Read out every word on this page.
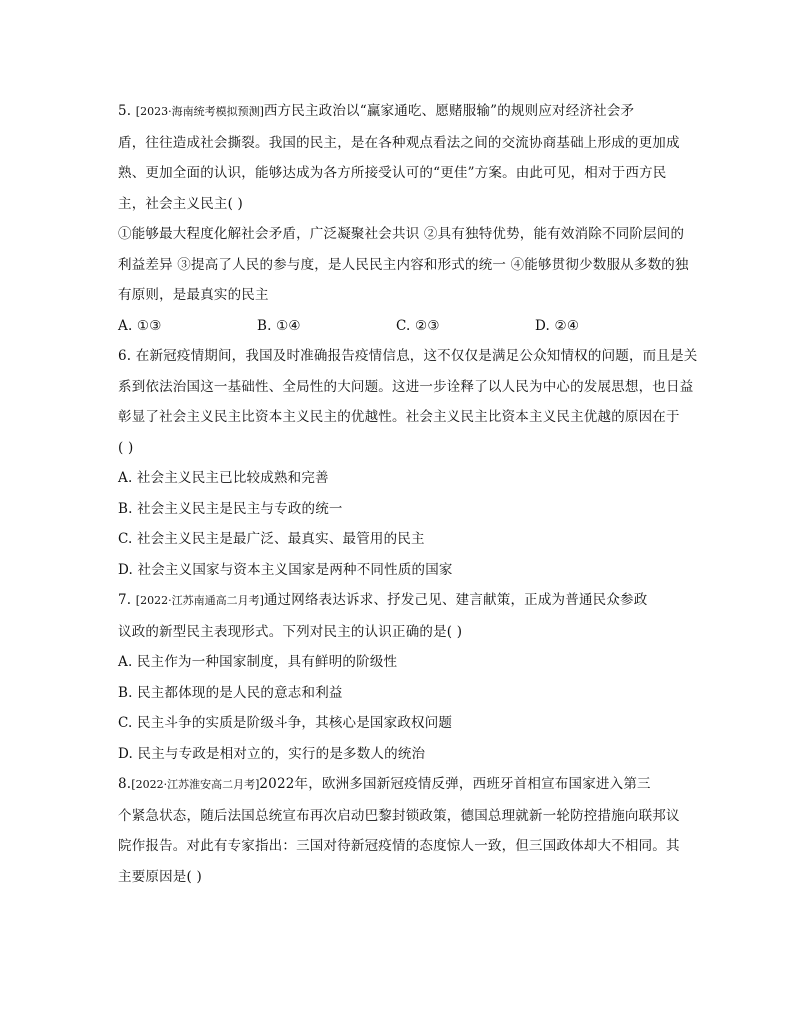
5. [2023·海南统考模拟预测]西方民主政治以“赢家通吃、愿赌服输”的规则应对经济社会矛
盾，往往造成社会撕裂。我国的民主，是在各种观点看法之间的交流协商基础上形成的更加成
熟、更加全面的认识，能够达成为各方所接受认可的“更佳”方案。由此可见，相对于西方民
主，社会主义民主( )
①能够最大程度化解社会矛盾，广泛凝聚社会共识 ②具有独特优势，能有效消除不同阶层间的
利益差异 ③提高了人民的参与度，是人民民主内容和形式的统一 ④能够贯彻少数服从多数的独
有原则，是最真实的民主
A. ①③	B. ①④	C. ②③	D. ②④
6. 在新冠疫情期间，我国及时准确报告疫情信息，这不仅仅是满足公众知情权的问题，而且是关
系到依法治国这一基础性、全局性的大问题。这进一步诠释了以人民为中心的发展思想，也日益
彰显了社会主义民主比资本主义民主的优越性。社会主义民主比资本主义民主优越的原因在于
( )
A. 社会主义民主已比较成熟和完善
B. 社会主义民主是民主与专政的统一
C. 社会主义民主是最广泛、最真实、最管用的民主
D. 社会主义国家与资本主义国家是两种不同性质的国家
7. [2022·江苏南通高二月考]通过网络表达诉求、抒发己见、建言献策，正成为普通民众参政
议政的新型民主表现形式。下列对民主的认识正确的是( )
A. 民主作为一种国家制度，具有鲜明的阶级性
B. 民主都体现的是人民的意志和利益
C. 民主斗争的实质是阶级斗争，其核心是国家政权问题
D. 民主与专政是相对立的，实行的是多数人的统治
8.[2022·江苏淮安高二月考]2022年，欧洲多国新冠疫情反弹，西班牙首相宣布国家进入第三
个紧急状态，随后法国总统宣布再次启动巴黎封锁政策，德国总理就新一轮防控措施向联邦议
院作报告。对此有专家指出：三国对待新冠疫情的态度惊人一致，但三国政体却大不相同。其
主要原因是( )
